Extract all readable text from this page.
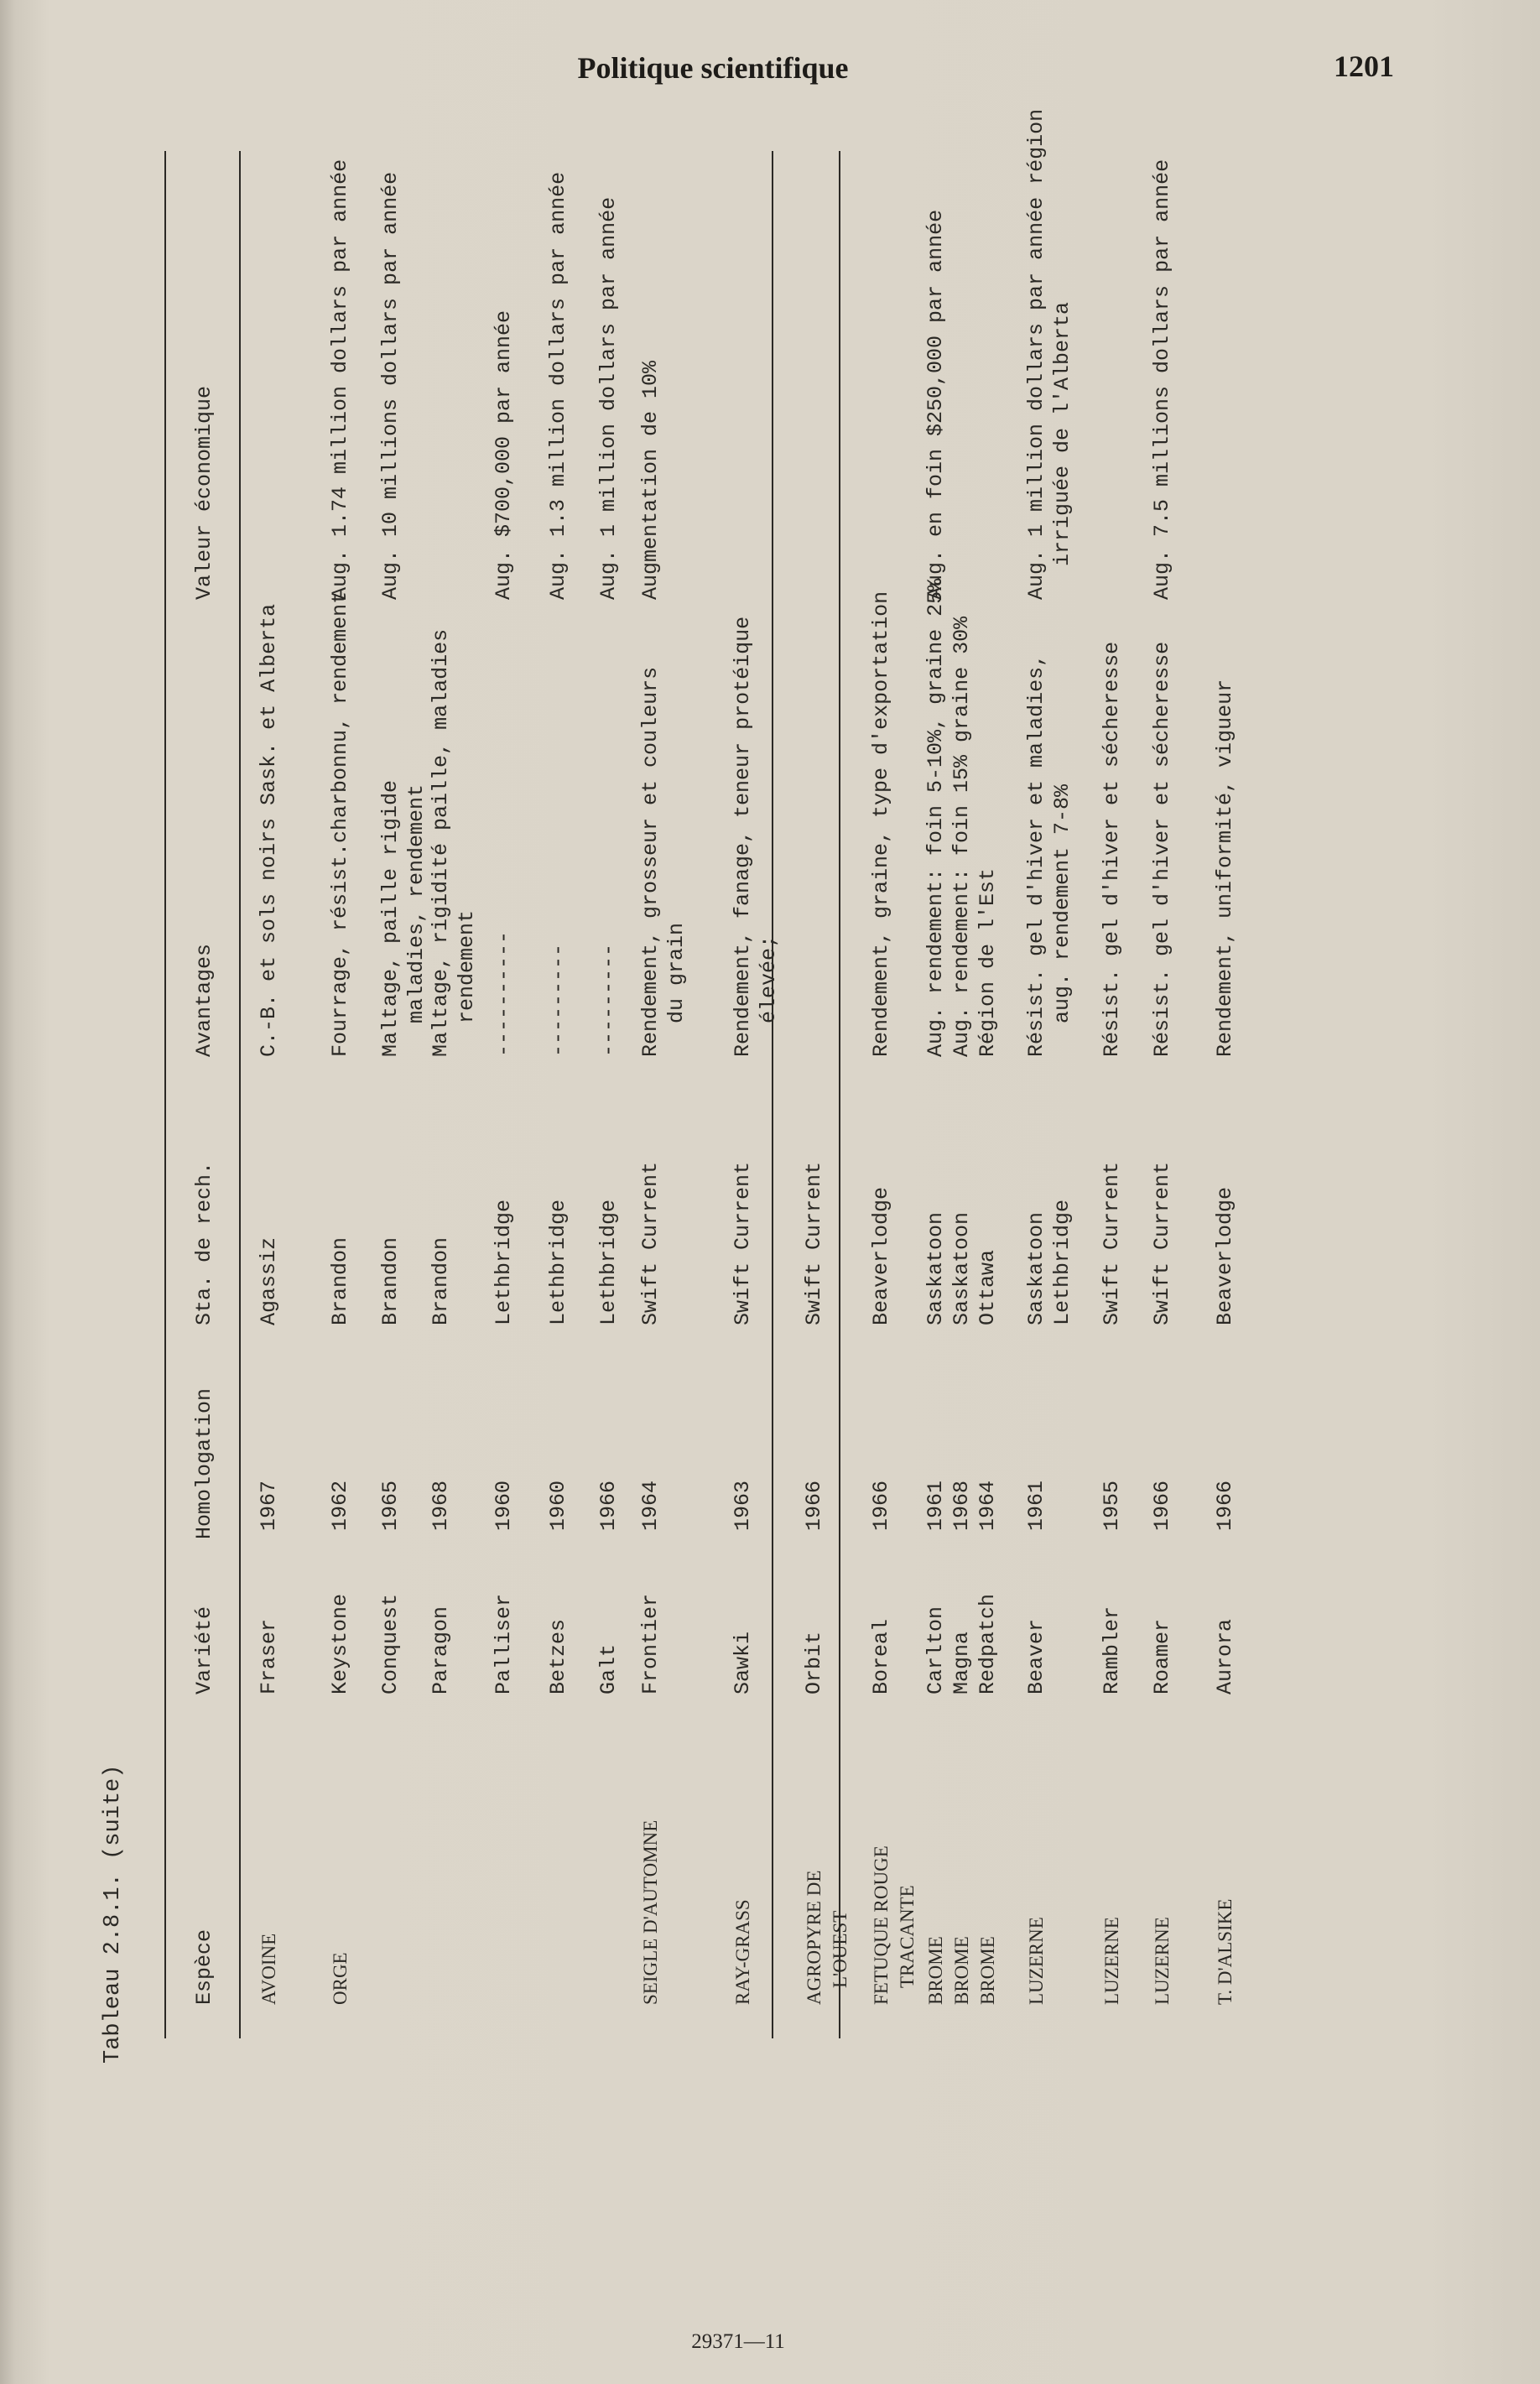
Politique scientifique	1201
Tableau 2.8.1. (suite)	Espèce
Variété
Homologation
Sta. de rech.
Avantages
Valeur économique
AVOINE
Fraser
1967
Agassiz
C.-B. et sols noirs Sask. et Alberta
ORGE
Keystone
1962
Brandon
Fourrage, résist.charbonnu, rendement
Aug. 1.74 million dollars par année
Conquest
1965
Brandon
Maltage, paille rigide maladies, rendement
Aug. 10 millions dollars par année
Paragon
1968
Brandon
Maltage, rigidité paille, maladies rendement
Palliser
1960
Lethbridge
----------
Aug. $700,000 par année
Betzes
1960
Lethbridge
---------
Aug. 1.3 million dollars par année
Galt
1966
Lethbridge
---------
Aug. 1 million dollars par année
SEIGLE D'AUTOMNE
Frontier
1964
Swift Current
Rendement, grosseur et couleurs du grain
Augmentation de 10%
RAY-GRASS
Sawki
1963
Swift Current
Rendement, fanage, teneur protéique élevée;
AGROPYRE DE L'OUEST
Orbit
1966
Swift Current
FETUQUE ROUGE TRACANTE
Boreal
1966
Beaverlodge
Rendement, graine, type d'exportation
BROME BROME BROME
Carlton Magna Redpatch
1961 1968 1964
Saskatoon Saskatoon Ottawa
Aug. rendement: foin 5-10%, graine 25% Aug. rendement: foin 15% graine 30% Région de l'Est
Aug. en foin $250,000 par année
LUZERNE
Beaver
1961
Saskatoon Lethbridge
Résist. gel d'hiver et maladies, aug. rendement 7-8%
Aug. 1 million dollars par année région irriguée de l'Alberta
LUZERNE
Rambler
1955
Swift Current
Résist. gel d'hiver et sécheresse
LUZERNE
Roamer
1966
Swift Current
Résist. gel d'hiver et sécheresse
Aug. 7.5 millions dollars par année
T. D'ALSIKE
Aurora
1966
Beaverlodge
Rendement, uniformité, vigueur
29371—11
